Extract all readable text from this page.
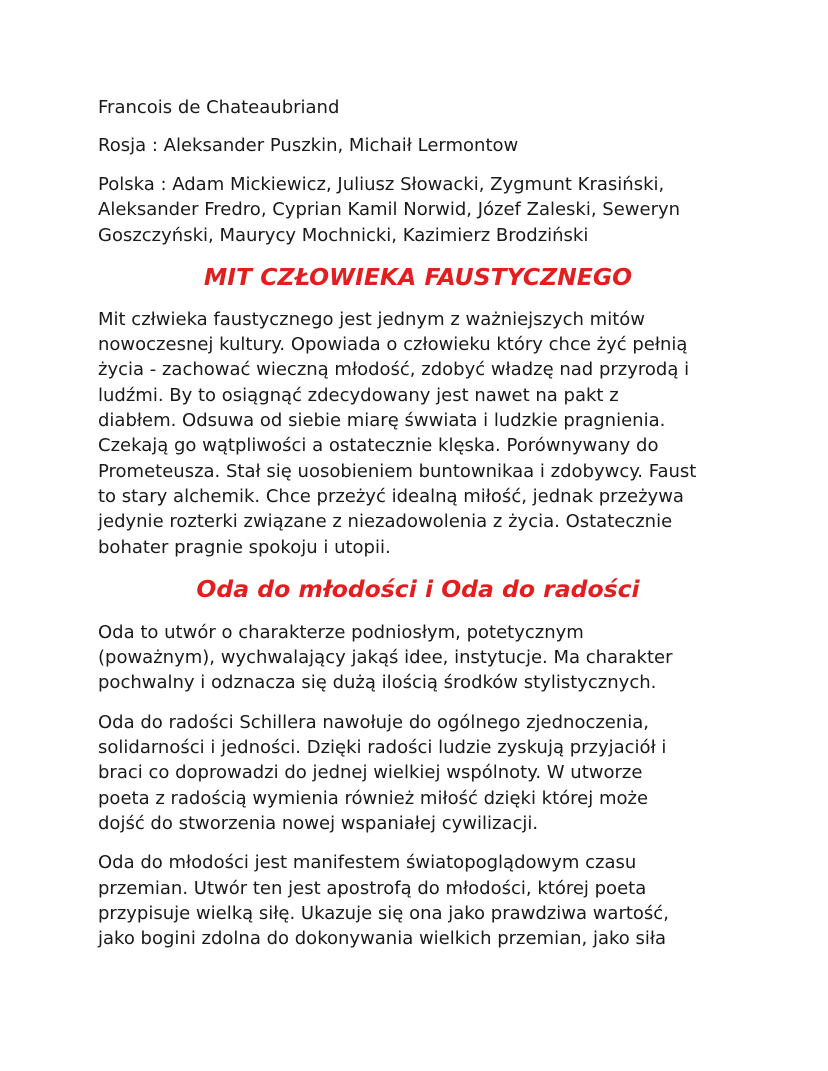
Francois de Chateaubriand

Rosja : Aleksander Puszkin, Michaił Lermontow

Polska : Adam Mickiewicz, Juliusz Słowacki, Zygmunt Krasiński,
Aleksander Fredro, Cyprian Kamil Norwid, Józef Zaleski, Seweryn
Goszczyński, Maurycy Mochnicki, Kazimierz Brodziński

MIT CZŁOWIEKA FAUSTYCZNEGO

Mit człwieka faustycznego jest jednym z ważniejszych mitów
nowoczesnej kultury. Opowiada o człowieku który chce żyć pełnią
życia - zachować wieczną młodość, zdobyć władzę nad przyrodą i
ludźmi. By to osiągnąć zdecydowany jest nawet na pakt z
diabłem. Odsuwa od siebie miarę śwwiata i ludzkie pragnienia.
Czekają go wątpliwości a ostatecznie klęska. Porównywany do
Prometeusza. Stał się uosobieniem buntownikaa i zdobywcy. Faust
to stary alchemik. Chce przeżyć idealną miłość, jednak przeżywa
jedynie rozterki związane z niezadowolenia z życia. Ostatecznie
bohater pragnie spokoju i utopii.

Oda do młodości i Oda do radości

Oda to utwór o charakterze podniosłym, potetycznym
(poważnym), wychwalający jakąś idee, instytucje. Ma charakter
pochwalny i odznacza się dużą ilością środków stylistycznych.

Oda do radości Schillera nawołuje do ogólnego zjednoczenia,
solidarności i jedności. Dzięki radości ludzie zyskują przyjaciół i
braci co doprowadzi do jednej wielkiej wspólnoty. W utworze
poeta z radością wymienia również miłość dzięki której może
dojść do stworzenia nowej wspaniałej cywilizacji.

Oda do młodości jest manifestem światopoglądowym czasu
przemian. Utwór ten jest apostrofą do młodości, której poeta
przypisuje wielką siłę. Ukazuje się ona jako prawdziwa wartość,
jako bogini zdolna do dokonywania wielkich przemian, jako siła
